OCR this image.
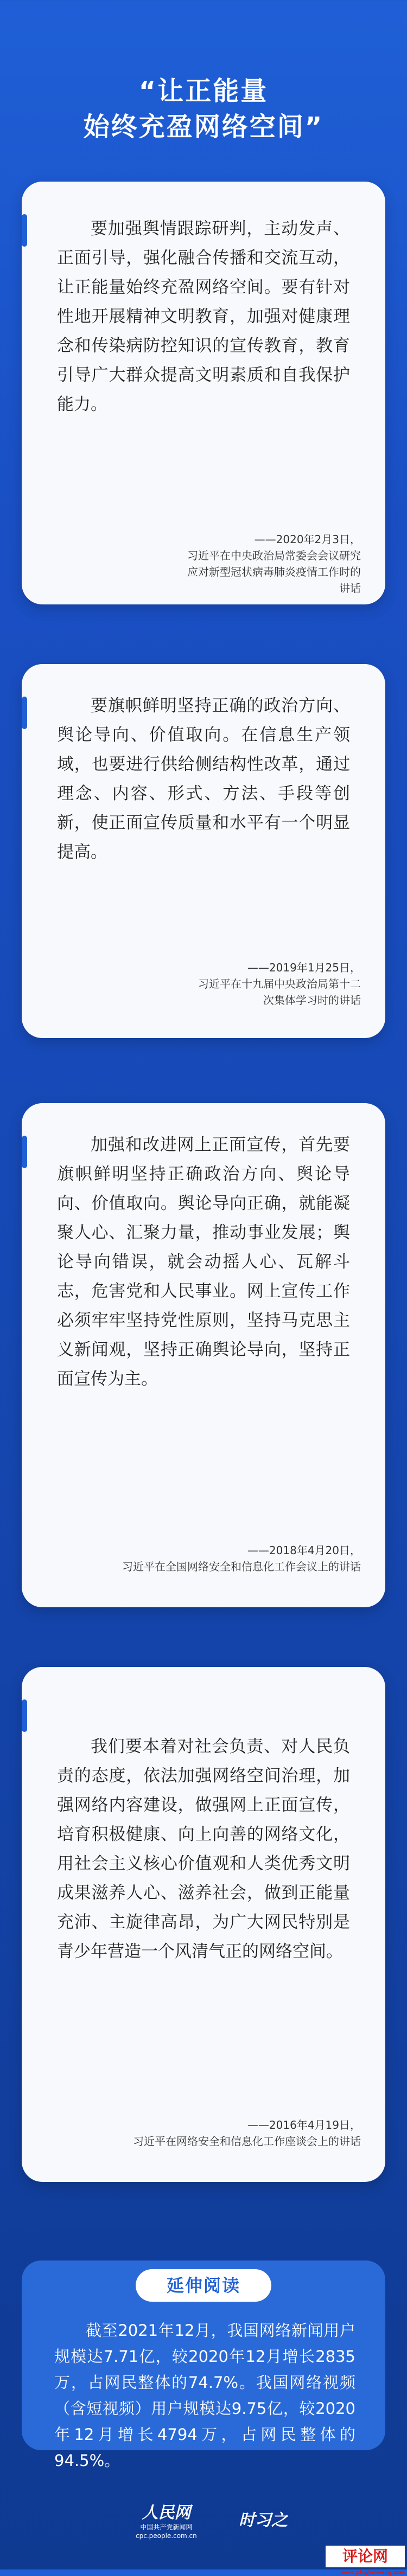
“让正能量
始终充盈网络空间”
要加强舆情跟踪研判，主动发声、正面引导，强化融合传播和交流互动，让正能量始终充盈网络空间。要有针对性地开展精神文明教育，加强对健康理念和传染病防控知识的宣传教育，教育引导广大群众提高文明素质和自我保护能力。
——2020年2月3日，
习近平在中央政治局常委会会议研究应对新型冠状病毒肺炎疫情工作时的讲话
要旗帜鲜明坚持正确的政治方向、舆论导向、价值取向。在信息生产领域，也要进行供给侧结构性改革，通过理念、内容、形式、方法、手段等创新，使正面宣传质量和水平有一个明显提高。
——2019年1月25日，
习近平在十九届中央政治局第十二次集体学习时的讲话
加强和改进网上正面宣传，首先要旗帜鲜明坚持正确政治方向、舆论导向、价值取向。舆论导向正确，就能凝聚人心、汇聚力量，推动事业发展；舆论导向错误，就会动摇人心、瓦解斗志，危害党和人民事业。网上宣传工作必须牢牢坚持党性原则，坚持马克思主义新闻观，坚持正确舆论导向，坚持正面宣传为主。
——2018年4月20日，
习近平在全国网络安全和信息化工作会议上的讲话
我们要本着对社会负责、对人民负责的态度，依法加强网络空间治理，加强网络内容建设，做强网上正面宣传，培育积极健康、向上向善的网络文化，用社会主义核心价值观和人类优秀文明成果滋养人心、滋养社会，做到正能量充沛、主旋律高昂，为广大网民特别是青少年营造一个风清气正的网络空间。
——2016年4月19日，
习近平在网络安全和信息化工作座谈会上的讲话
延伸阅读
截至2021年12月，我国网络新闻用户规模达7.71亿，较2020年12月增长2835万，占网民整体的74.7%。我国网络视频（含短视频）用户规模达9.75亿，较2020年12月增长4794万，占网民整体的94.5%。
人民网
中国共产党新闻网
cpc.people.com.cn
时习之
评论网
www.pinglunwang.com
